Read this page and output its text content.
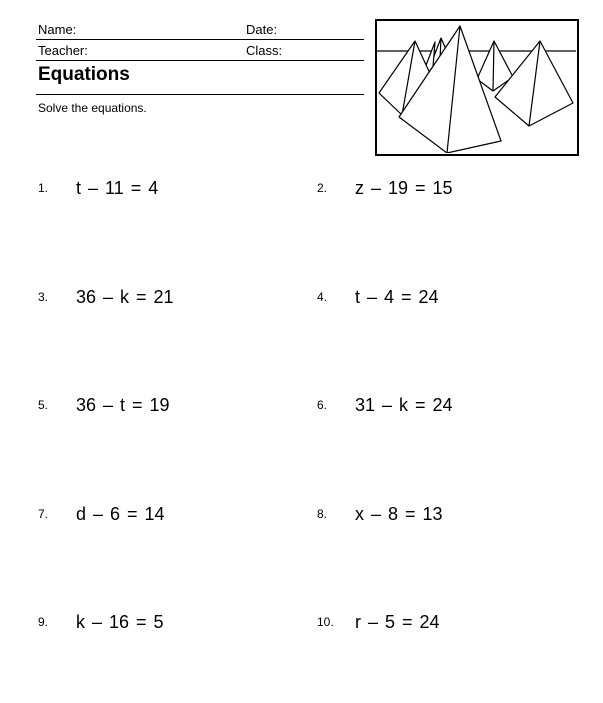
Name:	Date:
Teacher:	Class:
Equations
Solve the equations.
1. t – 11 = 4	2. z – 19 = 15
3. 36 – k = 21	4. t – 4 = 24
5. 36 – t = 19	6. 31 – k = 24
7. d – 6 = 14	8. x – 8 = 13
9. k – 16 = 5	10. r – 5 = 24
